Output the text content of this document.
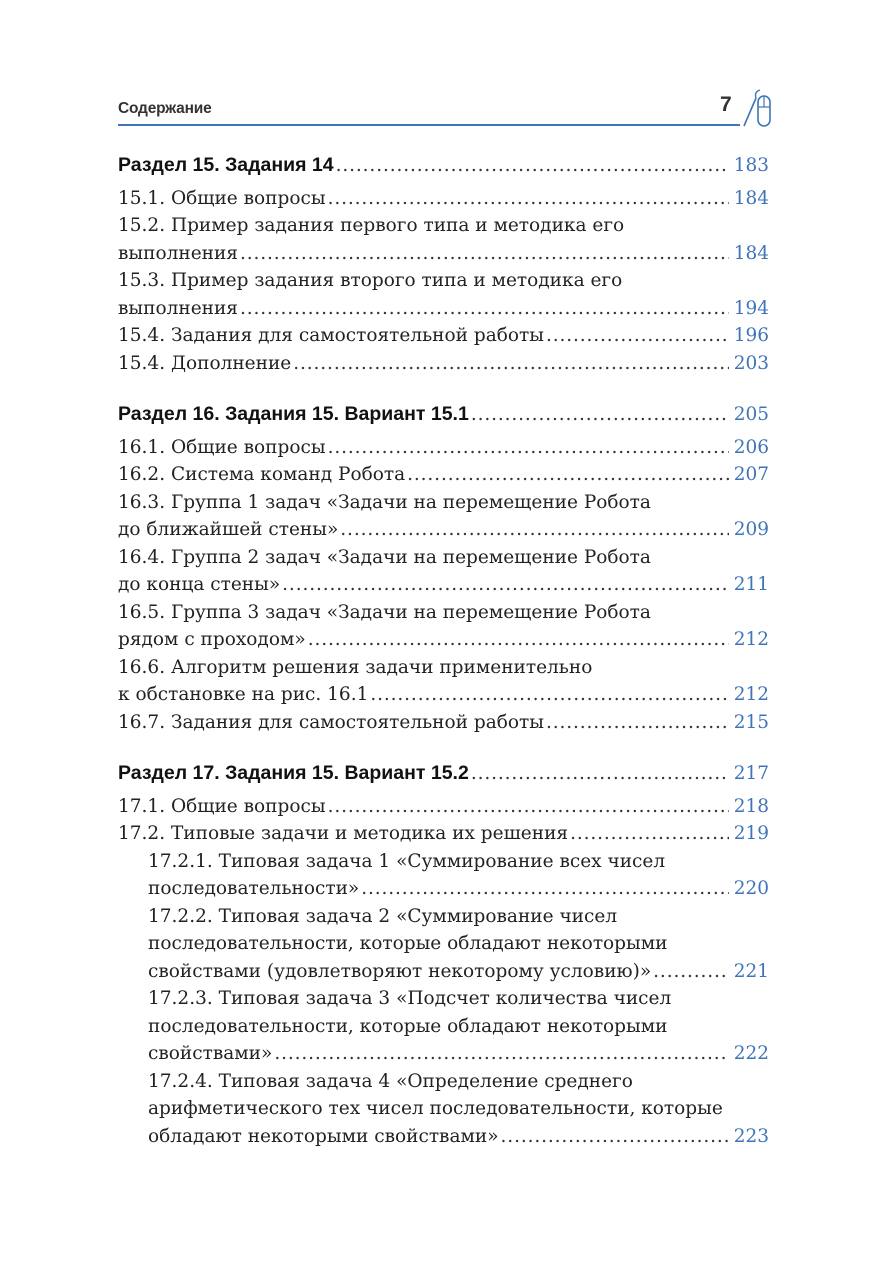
Содержание	7
Раздел 15. Задания 14 . . .	183
15.1. Общие вопросы . . .	184
15.2. Пример задания первого типа и методика его
выполнения . . .	184
15.3. Пример задания второго типа и методика его
выполнения . . .	194
15.4. Задания для самостоятельной работы . . .	196
15.4. Дополнение . . .	203
Раздел 16. Задания 15. Вариант 15.1 . . .	205
16.1. Общие вопросы . . .	206
16.2. Система команд Робота . . .	207
16.3. Группа 1 задач «Задачи на перемещение Робота
до ближайшей стены» . . .	209
16.4. Группа 2 задач «Задачи на перемещение Робота
до конца стены» . . .	211
16.5. Группа 3 задач «Задачи на перемещение Робота
рядом с проходом» . . .	212
16.6. Алгоритм решения задачи применительно
к обстановке на рис. 16.1 . . .	212
16.7. Задания для самостоятельной работы . . .	215
Раздел 17. Задания 15. Вариант 15.2 . . .	217
17.1. Общие вопросы . . .	218
17.2. Типовые задачи и методика их решения . . .	219
17.2.1. Типовая задача 1 «Суммирование всех чисел
последовательности» . . .	220
17.2.2. Типовая задача 2 «Суммирование чисел
последовательности, которые обладают некоторыми
свойствами (удовлетворяют некоторому условию)» . . .	221
17.2.3. Типовая задача 3 «Подсчет количества чисел
последовательности, которые обладают некоторыми
свойствами» . . .	222
17.2.4. Типовая задача 4 «Определение среднего
арифметического тех чисел последовательности, которые
обладают некоторыми свойствами» . . .	223
